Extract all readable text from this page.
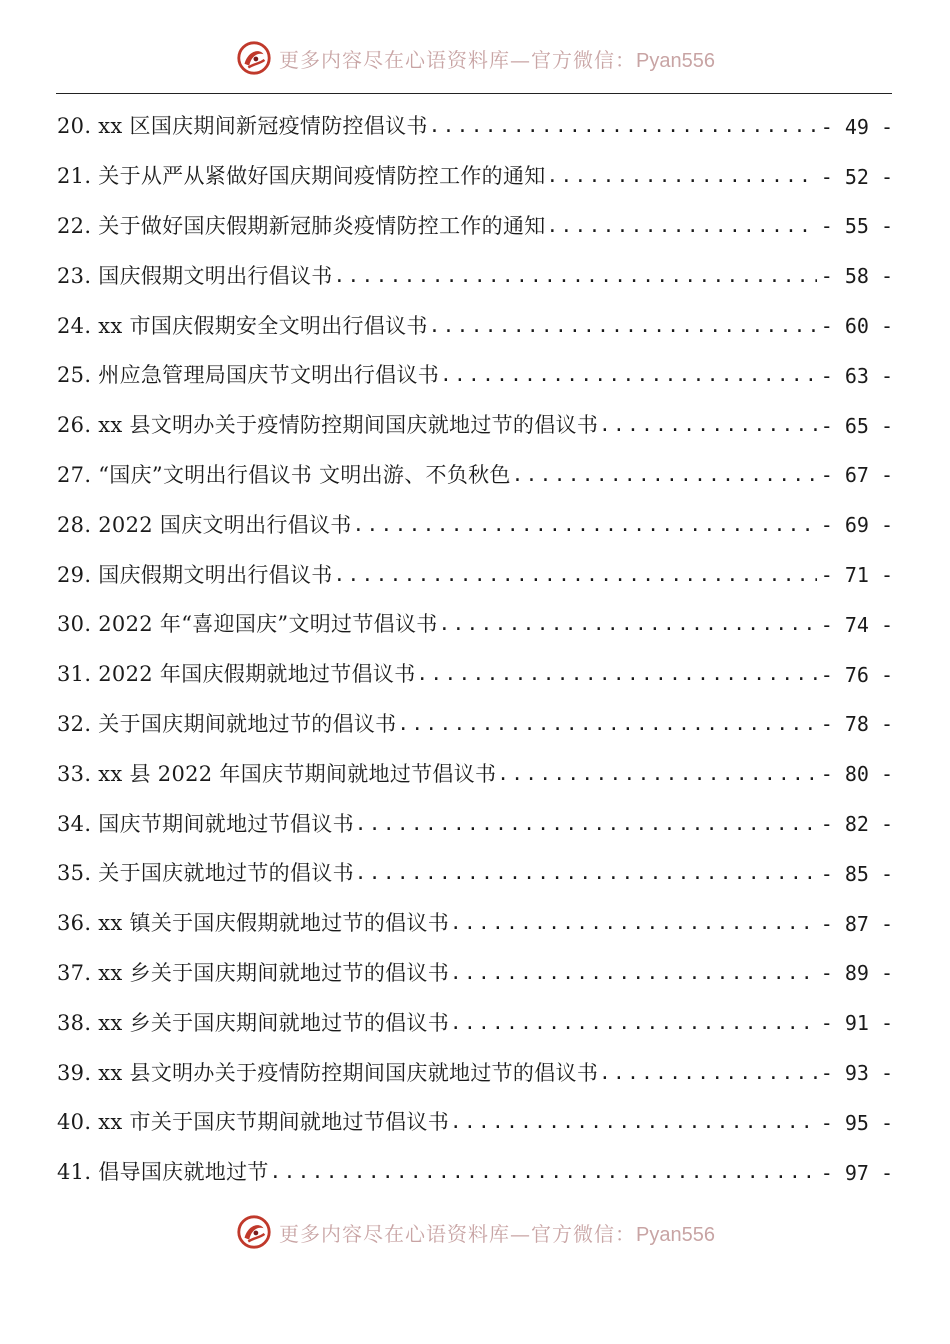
更多内容尽在心语资料库—官方微信：Pyan556
20. xx 区国庆期间新冠疫情防控倡议书 .....	- 49 -
21. 关于从严从紧做好国庆期间疫情防控工作的通知 .....	- 52 -
22. 关于做好国庆假期新冠肺炎疫情防控工作的通知 .....	- 55 -
23. 国庆假期文明出行倡议书 .....	- 58 -
24. xx 市国庆假期安全文明出行倡议书 .....	- 60 -
25. 州应急管理局国庆节文明出行倡议书 .....	- 63 -
26. xx 县文明办关于疫情防控期间国庆就地过节的倡议书 .....	- 65 -
27. “国庆”文明出行倡议书 文明出游、不负秋色 .....	- 67 -
28. 2022 国庆文明出行倡议书 .....	- 69 -
29. 国庆假期文明出行倡议书 .....	- 71 -
30. 2022 年“喜迎国庆”文明过节倡议书 .....	- 74 -
31. 2022 年国庆假期就地过节倡议书 .....	- 76 -
32. 关于国庆期间就地过节的倡议书 .....	- 78 -
33. xx 县 2022 年国庆节期间就地过节倡议书 .....	- 80 -
34. 国庆节期间就地过节倡议书 .....	- 82 -
35. 关于国庆就地过节的倡议书 .....	- 85 -
36. xx 镇关于国庆假期就地过节的倡议书 .....	- 87 -
37. xx 乡关于国庆期间就地过节的倡议书 .....	- 89 -
38. xx 乡关于国庆期间就地过节的倡议书 .....	- 91 -
39. xx 县文明办关于疫情防控期间国庆就地过节的倡议书 .....	- 93 -
40. xx 市关于国庆节期间就地过节倡议书 .....	- 95 -
41. 倡导国庆就地过节 .....	- 97 -
更多内容尽在心语资料库—官方微信：Pyan556
